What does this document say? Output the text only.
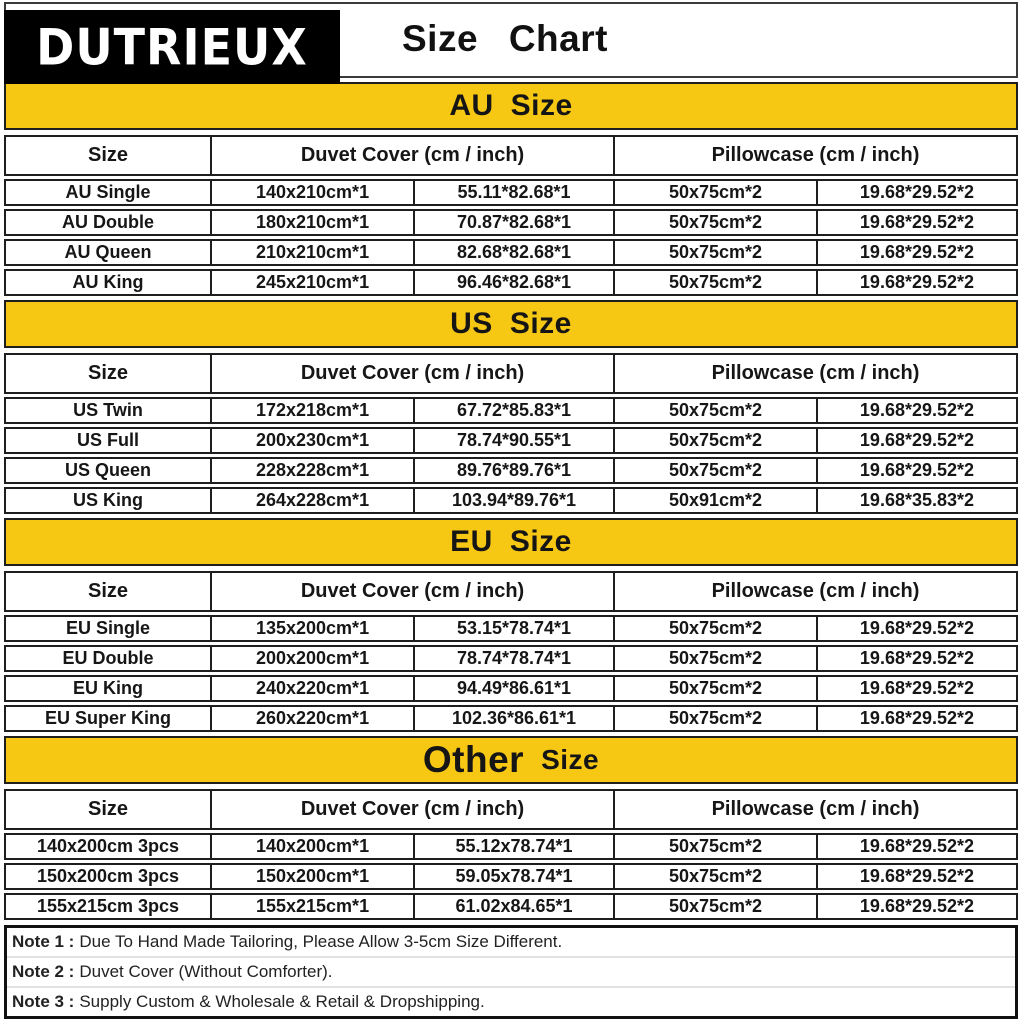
DUTRIEUX	Size Chart
AU Size
Size	Duvet Cover (cm / inch)	Pillowcase (cm / inch)
AU Single	140x210cm*1	55.11*82.68*1	50x75cm*2	19.68*29.52*2
AU Double	180x210cm*1	70.87*82.68*1	50x75cm*2	19.68*29.52*2
AU Queen	210x210cm*1	82.68*82.68*1	50x75cm*2	19.68*29.52*2
AU King	245x210cm*1	96.46*82.68*1	50x75cm*2	19.68*29.52*2
US Size
Size	Duvet Cover (cm / inch)	Pillowcase (cm / inch)
US Twin	172x218cm*1	67.72*85.83*1	50x75cm*2	19.68*29.52*2
US Full	200x230cm*1	78.74*90.55*1	50x75cm*2	19.68*29.52*2
US Queen	228x228cm*1	89.76*89.76*1	50x75cm*2	19.68*29.52*2
US King	264x228cm*1	103.94*89.76*1	50x91cm*2	19.68*35.83*2
EU Size
Size	Duvet Cover (cm / inch)	Pillowcase (cm / inch)
EU Single	135x200cm*1	53.15*78.74*1	50x75cm*2	19.68*29.52*2
EU Double	200x200cm*1	78.74*78.74*1	50x75cm*2	19.68*29.52*2
EU King	240x220cm*1	94.49*86.61*1	50x75cm*2	19.68*29.52*2
EU Super King	260x220cm*1	102.36*86.61*1	50x75cm*2	19.68*29.52*2
Other Size
Size	Duvet Cover (cm / inch)	Pillowcase (cm / inch)
140x200cm 3pcs	140x200cm*1	55.12x78.74*1	50x75cm*2	19.68*29.52*2
150x200cm 3pcs	150x200cm*1	59.05x78.74*1	50x75cm*2	19.68*29.52*2
155x215cm 3pcs	155x215cm*1	61.02x84.65*1	50x75cm*2	19.68*29.52*2
Note 1 : Due To Hand Made Tailoring, Please Allow 3-5cm Size Different.
Note 2 : Duvet Cover (Without Comforter).
Note 3 : Supply Custom & Wholesale & Retail & Dropshipping.
